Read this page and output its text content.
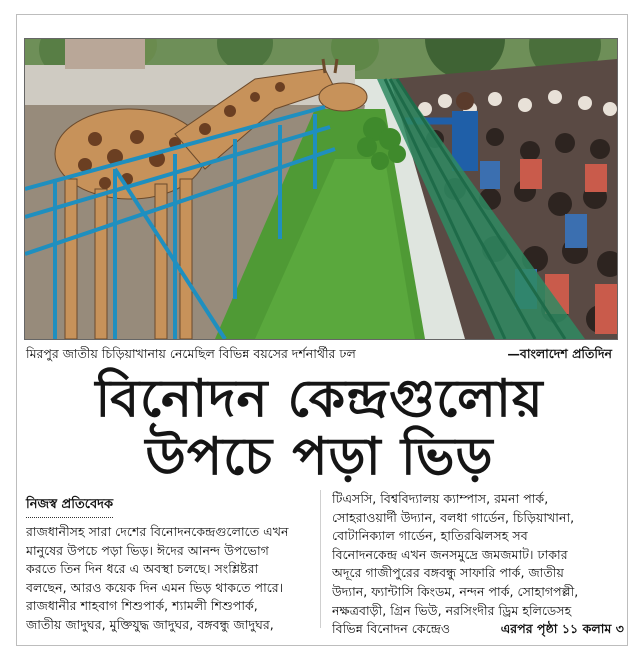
মিরপুর জাতীয় চিড়িয়াখানায় নেমেছিল বিভিন্ন বয়সের দর্শনার্থীর ঢল	—বাংলাদেশ প্রতিদিন
বিনোদন কেন্দ্রগুলোয়
উপচে পড়া ভিড়
নিজস্ব প্রতিবেদক
রাজধানীসহ সারা দেশের বিনোদনকেন্দ্রগুলোতে এখন
মানুষের উপচে পড়া ভিড়। ঈদের আনন্দ উপভোগ
করতে তিন দিন ধরে এ অবস্থা চলছে। সংশ্লিষ্টরা
বলছেন, আরও কয়েক দিন এমন ভিড় থাকতে পারে।
রাজধানীর শাহবাগ শিশুপার্ক, শ্যামলী শিশুপার্ক,
জাতীয় জাদুঘর, মুক্তিযুদ্ধ জাদুঘর, বঙ্গবন্ধু জাদুঘর,
টিএসসি, বিশ্ববিদ্যালয় ক্যাম্পাস, রমনা পার্ক,
সোহরাওয়ার্দী উদ্যান, বলধা গার্ডেন, চিড়িয়াখানা,
বোটানিক্যাল গার্ডেন, হাতিরঝিলসহ সব
বিনোদনকেন্দ্র এখন জনসমুদ্রে জমজমাট। ঢাকার
অদূরে গাজীপুরের বঙ্গবন্ধু সাফারি পার্ক, জাতীয়
উদ্যান, ফ্যান্টাসি কিংডম, নন্দন পার্ক, সোহাগপল্লী,
নক্ষত্রবাড়ী, গ্রিন ভিউ, নরসিংদীর ড্রিম হলিডেসহ
বিভিন্ন বিনোদন কেন্দ্রেও	এরপর পৃষ্ঠা ১১ কলাম ৩
